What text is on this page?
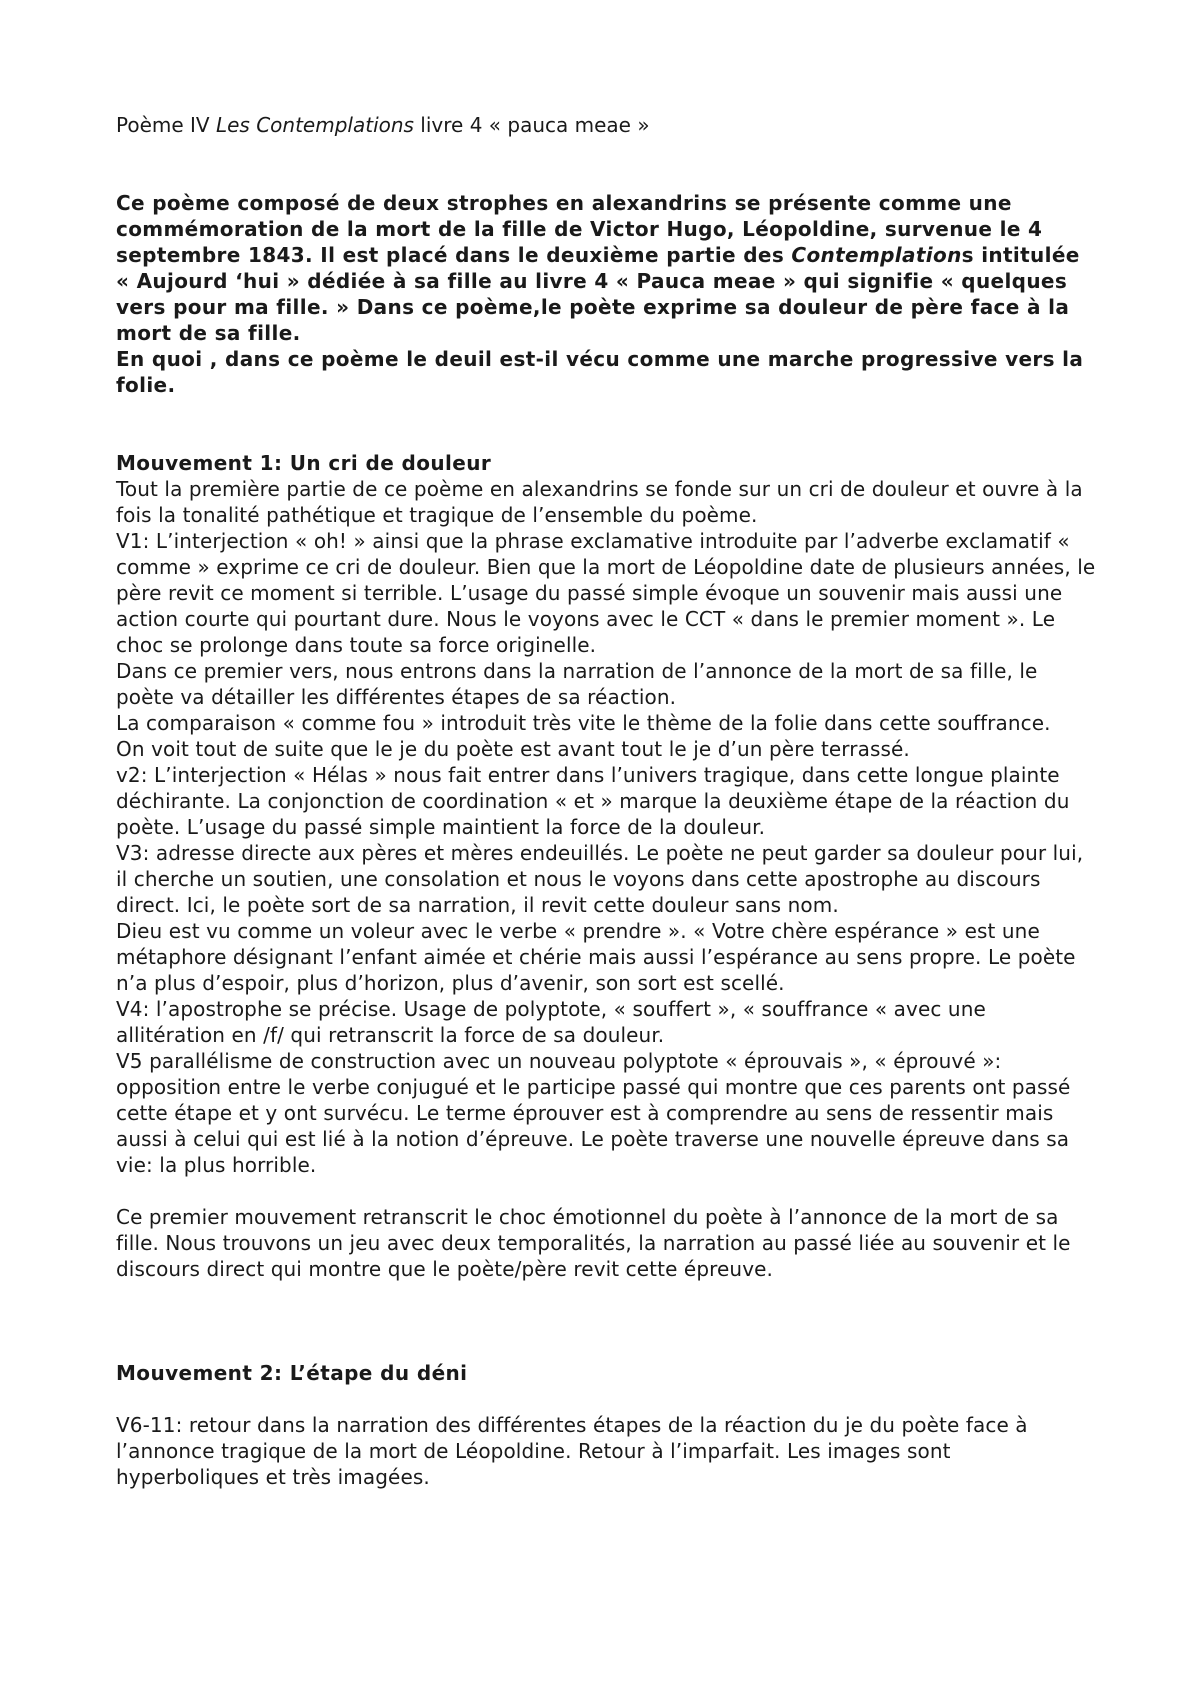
Poème IV Les Contemplations livre 4 « pauca meae »

Ce poème composé de deux strophes en alexandrins se présente comme une commémoration de la mort de la fille de Victor Hugo, Léopoldine, survenue le 4 septembre 1843. Il est placé dans le deuxième partie des Contemplations intitulée « Aujourd ‘hui » dédiée à sa fille au livre 4 « Pauca meae » qui signifie « quelques vers pour ma fille. » Dans ce poème,le poète exprime sa douleur de père face à la mort de sa fille.

En quoi , dans ce poème le deuil est-il vécu comme une marche progressive vers la folie.

Mouvement 1: Un cri de douleur

Tout la première partie de ce poème en alexandrins se fonde sur un cri de douleur et ouvre à la fois la tonalité pathétique et tragique de l’ensemble du poème.

V1: L’interjection « oh! » ainsi que la phrase exclamative introduite par l’adverbe exclamatif « comme » exprime ce cri de douleur. Bien que la mort de Léopoldine date de plusieurs années, le père revit ce moment si terrible. L’usage du passé simple évoque un souvenir mais aussi une action courte qui pourtant dure. Nous le voyons avec le CCT « dans le premier moment ». Le choc se prolonge dans toute sa force originelle.

Dans ce premier vers, nous entrons dans la narration de l’annonce de la mort de sa fille, le poète va détailler les différentes étapes de sa réaction.

La comparaison « comme fou » introduit très vite le thème de la folie dans cette souffrance.

On voit tout de suite que le je du poète est avant tout le je d’un père terrassé.

v2: L’interjection « Hélas » nous fait entrer dans l’univers tragique, dans cette longue plainte déchirante. La conjonction de coordination « et » marque la deuxième étape de la réaction du poète. L’usage du passé simple maintient la force de la douleur.

V3: adresse directe aux pères et mères endeuillés. Le poète ne peut garder sa douleur pour lui, il cherche un soutien, une consolation et nous le voyons dans cette apostrophe au discours direct. Ici, le poète sort de sa narration, il revit cette douleur sans nom.

Dieu est vu comme un voleur avec le verbe « prendre ». « Votre chère espérance » est une métaphore désignant l’enfant aimée et chérie mais aussi l’espérance au sens propre. Le poète n’a plus d’espoir, plus d’horizon, plus d’avenir, son sort est scellé.

V4: l’apostrophe se précise. Usage de polyptote, « souffert », « souffrance « avec une allitération en /f/ qui retranscrit la force de sa douleur.

V5 parallélisme de construction avec un nouveau polyptote « éprouvais », « éprouvé »: opposition entre le verbe conjugué et le participe passé qui montre que ces parents ont passé cette étape et y ont survécu. Le terme éprouver est à comprendre au sens de ressentir mais aussi à celui qui est lié à la notion d’épreuve. Le poète traverse une nouvelle épreuve dans sa vie: la plus horrible.

Ce premier mouvement retranscrit le choc émotionnel du poète à l’annonce de la mort de sa fille. Nous trouvons un jeu avec deux temporalités, la narration au passé liée au souvenir et le discours direct qui montre que le poète/père revit cette épreuve.

Mouvement 2: L’étape du déni

V6-11: retour dans la narration des différentes étapes de la réaction du je du poète face à l’annonce tragique de la mort de Léopoldine. Retour à l’imparfait. Les images sont hyperboliques et très imagées.
